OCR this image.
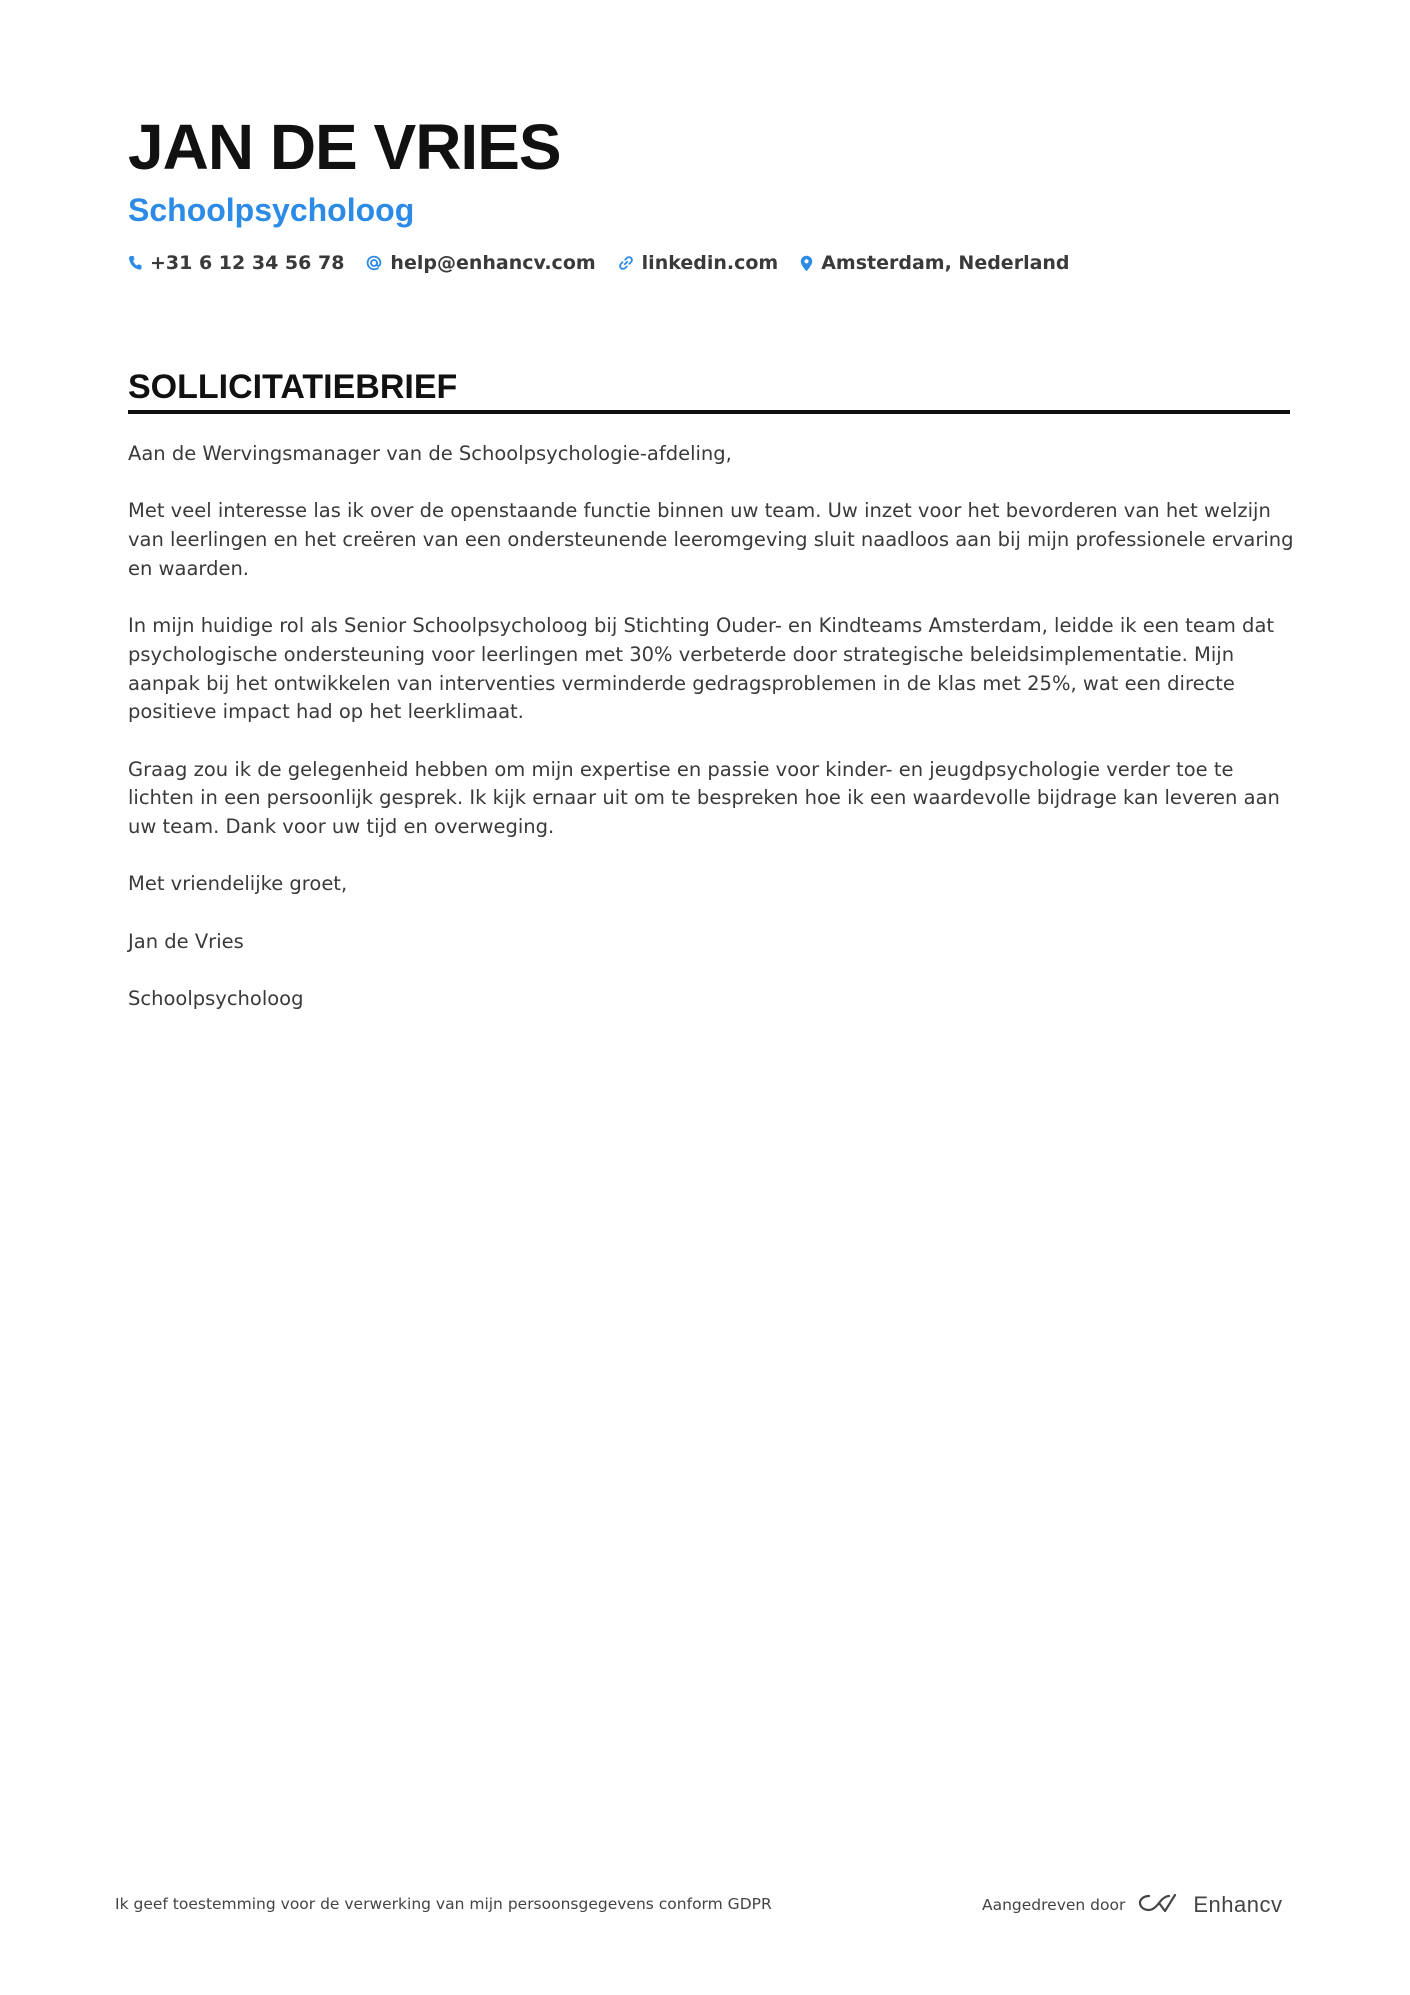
JAN DE VRIES
Schoolpsycholoog
+31 6 12 34 56 78 help@enhancv.com linkedin.com Amsterdam, Nederland
SOLLICITATIEBRIEF

Aan de Wervingsmanager van de Schoolpsychologie-afdeling,

Met veel interesse las ik over de openstaande functie binnen uw team. Uw inzet voor het bevorderen van het welzijn van leerlingen en het creëren van een ondersteunende leeromgeving sluit naadloos aan bij mijn professionele ervaring en waarden.

In mijn huidige rol als Senior Schoolpsycholoog bij Stichting Ouder- en Kindteams Amsterdam, leidde ik een team dat psychologische ondersteuning voor leerlingen met 30% verbeterde door strategische beleidsimplementatie. Mijn aanpak bij het ontwikkelen van interventies verminderde gedragsproblemen in de klas met 25%, wat een directe positieve impact had op het leerklimaat.

Graag zou ik de gelegenheid hebben om mijn expertise en passie voor kinder- en jeugdpsychologie verder toe te lichten in een persoonlijk gesprek. Ik kijk ernaar uit om te bespreken hoe ik een waardevolle bijdrage kan leveren aan uw team. Dank voor uw tijd en overweging.

Met vriendelijke groet,

Jan de Vries

Schoolpsycholoog

Ik geef toestemming voor de verwerking van mijn persoonsgegevens conform GDPR	Aangedreven door	Enhancv
